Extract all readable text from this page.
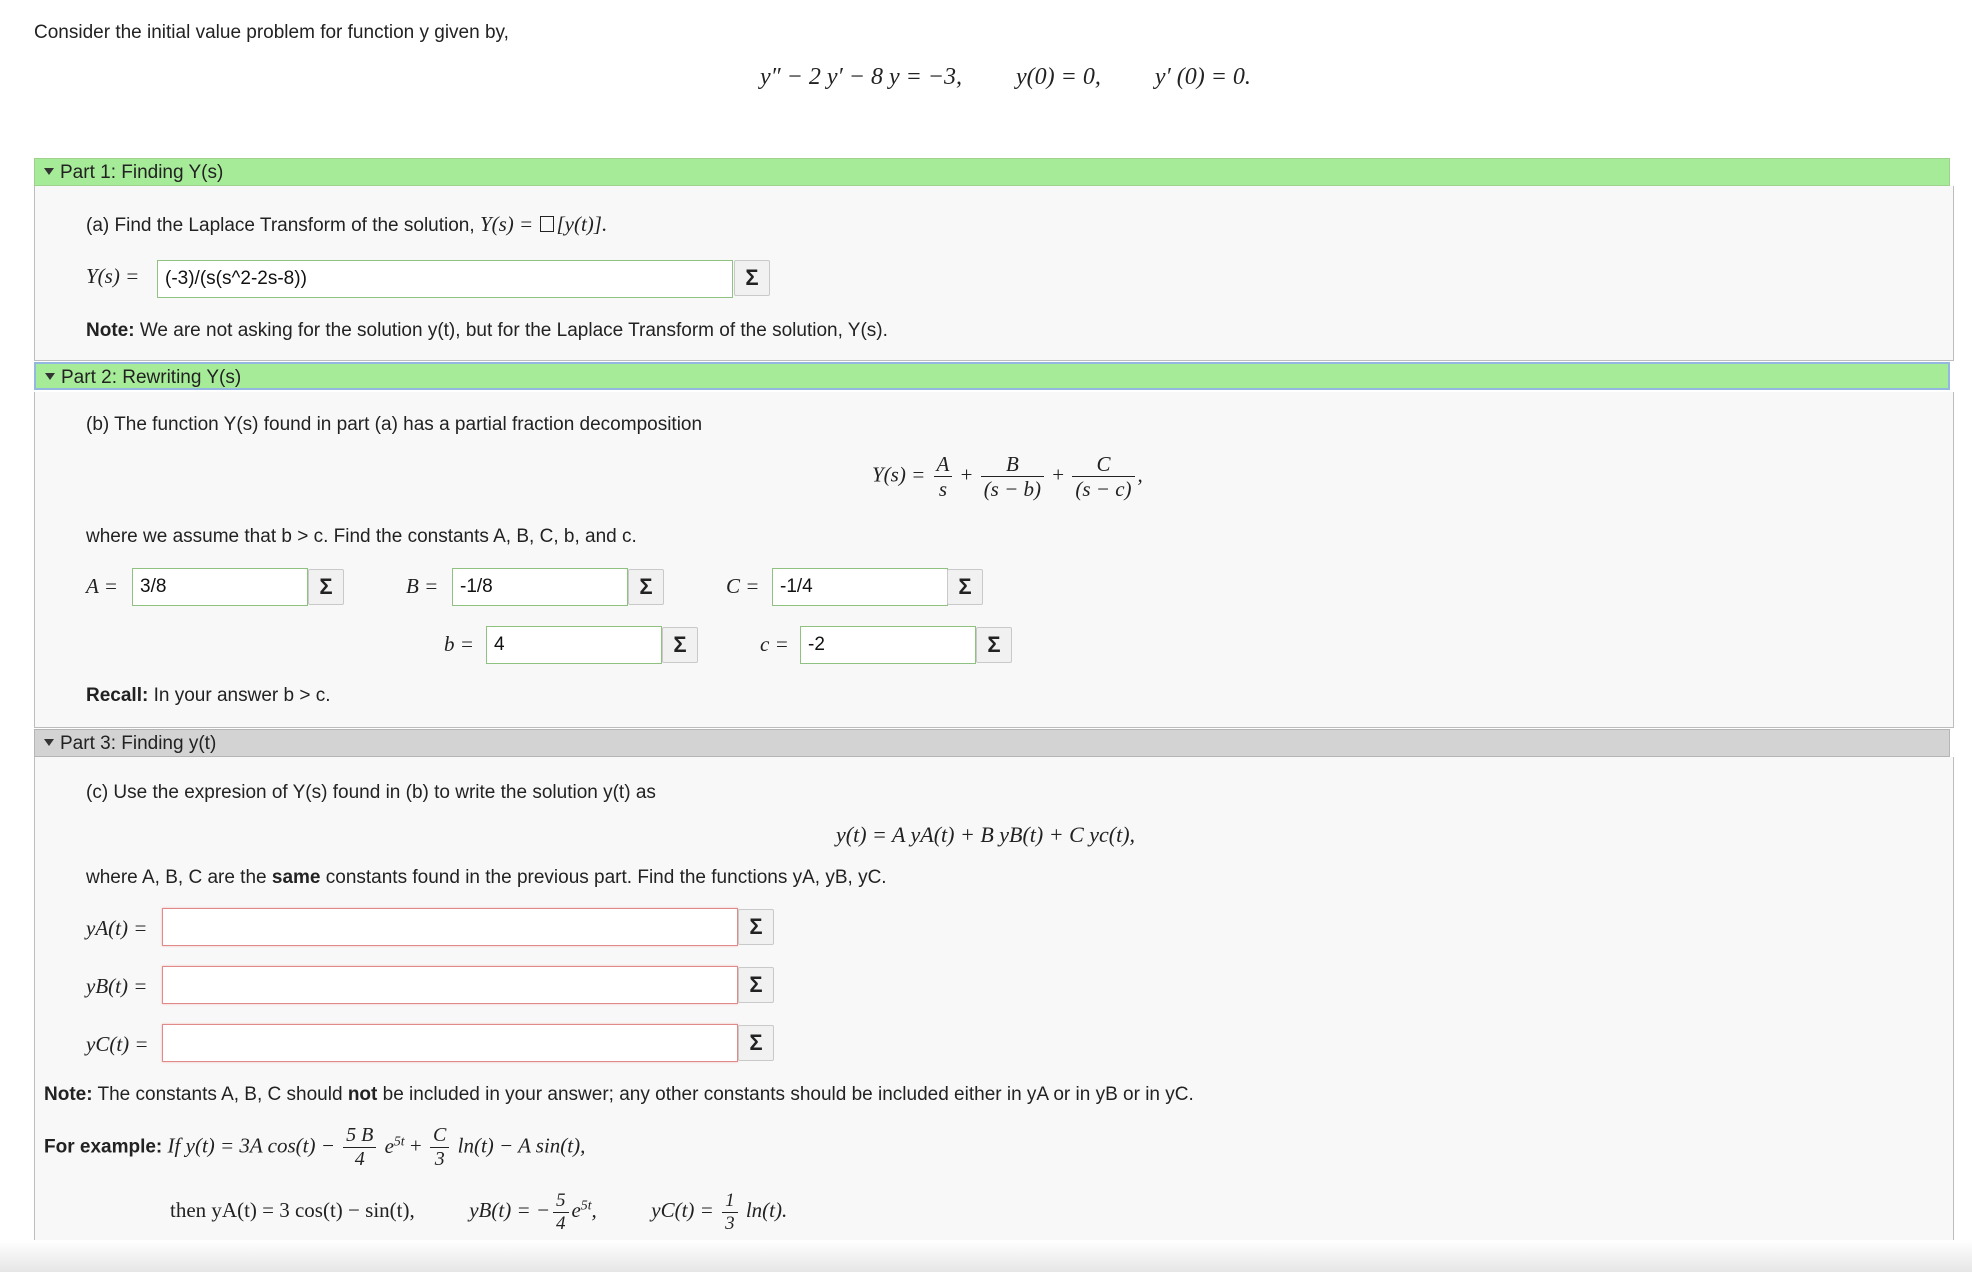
Consider the initial value problem for function y given by,
y″ − 2 y′ − 8 y = −3, y(0) = 0, y′ (0) = 0.
Part 1: Finding Y(s)
(a) Find the Laplace Transform of the solution, Y(s) = [y(t)].
Y(s) =	(-3)/(s(s^2-2s-8))	Σ
Note: We are not asking for the solution y(t), but for the Laplace Transform of the solution, Y(s).
Part 2: Rewriting Y(s)
(b) The function Y(s) found in part (a) has a partial fraction decomposition
$Y(s) = \frac{A}{s} + \frac{B}{(s - b)} + \frac{C}{(s - c)}$ ,
where we assume that b > c. Find the constants A, B, C, b, and c.
A =	3/8	Σ	B =	-1/8	Σ	C =	-1/4	Σ
b =	4	Σ	c =	-2	Σ
Recall: In your answer b > c.
Part 3: Finding y(t)
(c) Use the expresion of Y(s) found in (b) to write the solution y(t) as
y(t) = A yA(t) + B yB(t) + C yc(t),
where A, B, C are the same constants found in the previous part. Find the functions yA, yB, yC.
yA(t) =	Σ
yB(t) =	Σ
yC(t) =	Σ
Note: The constants A, B, C should not be included in your answer; any other constants should be included either in yA or in yB or in yC.
For example: If y(t) = 3A $\cos(t) - \frac{5 B}{4} e^{5t} + \frac{C}{3} \ln(t) - A$ sin(t),
then yA(t) = 3 cos(t) − sin(t),	yB(t) = − $\frac{5}{4} e^{5t}$,	$yC(t) = \frac{1}{3} \ln(t)$.
